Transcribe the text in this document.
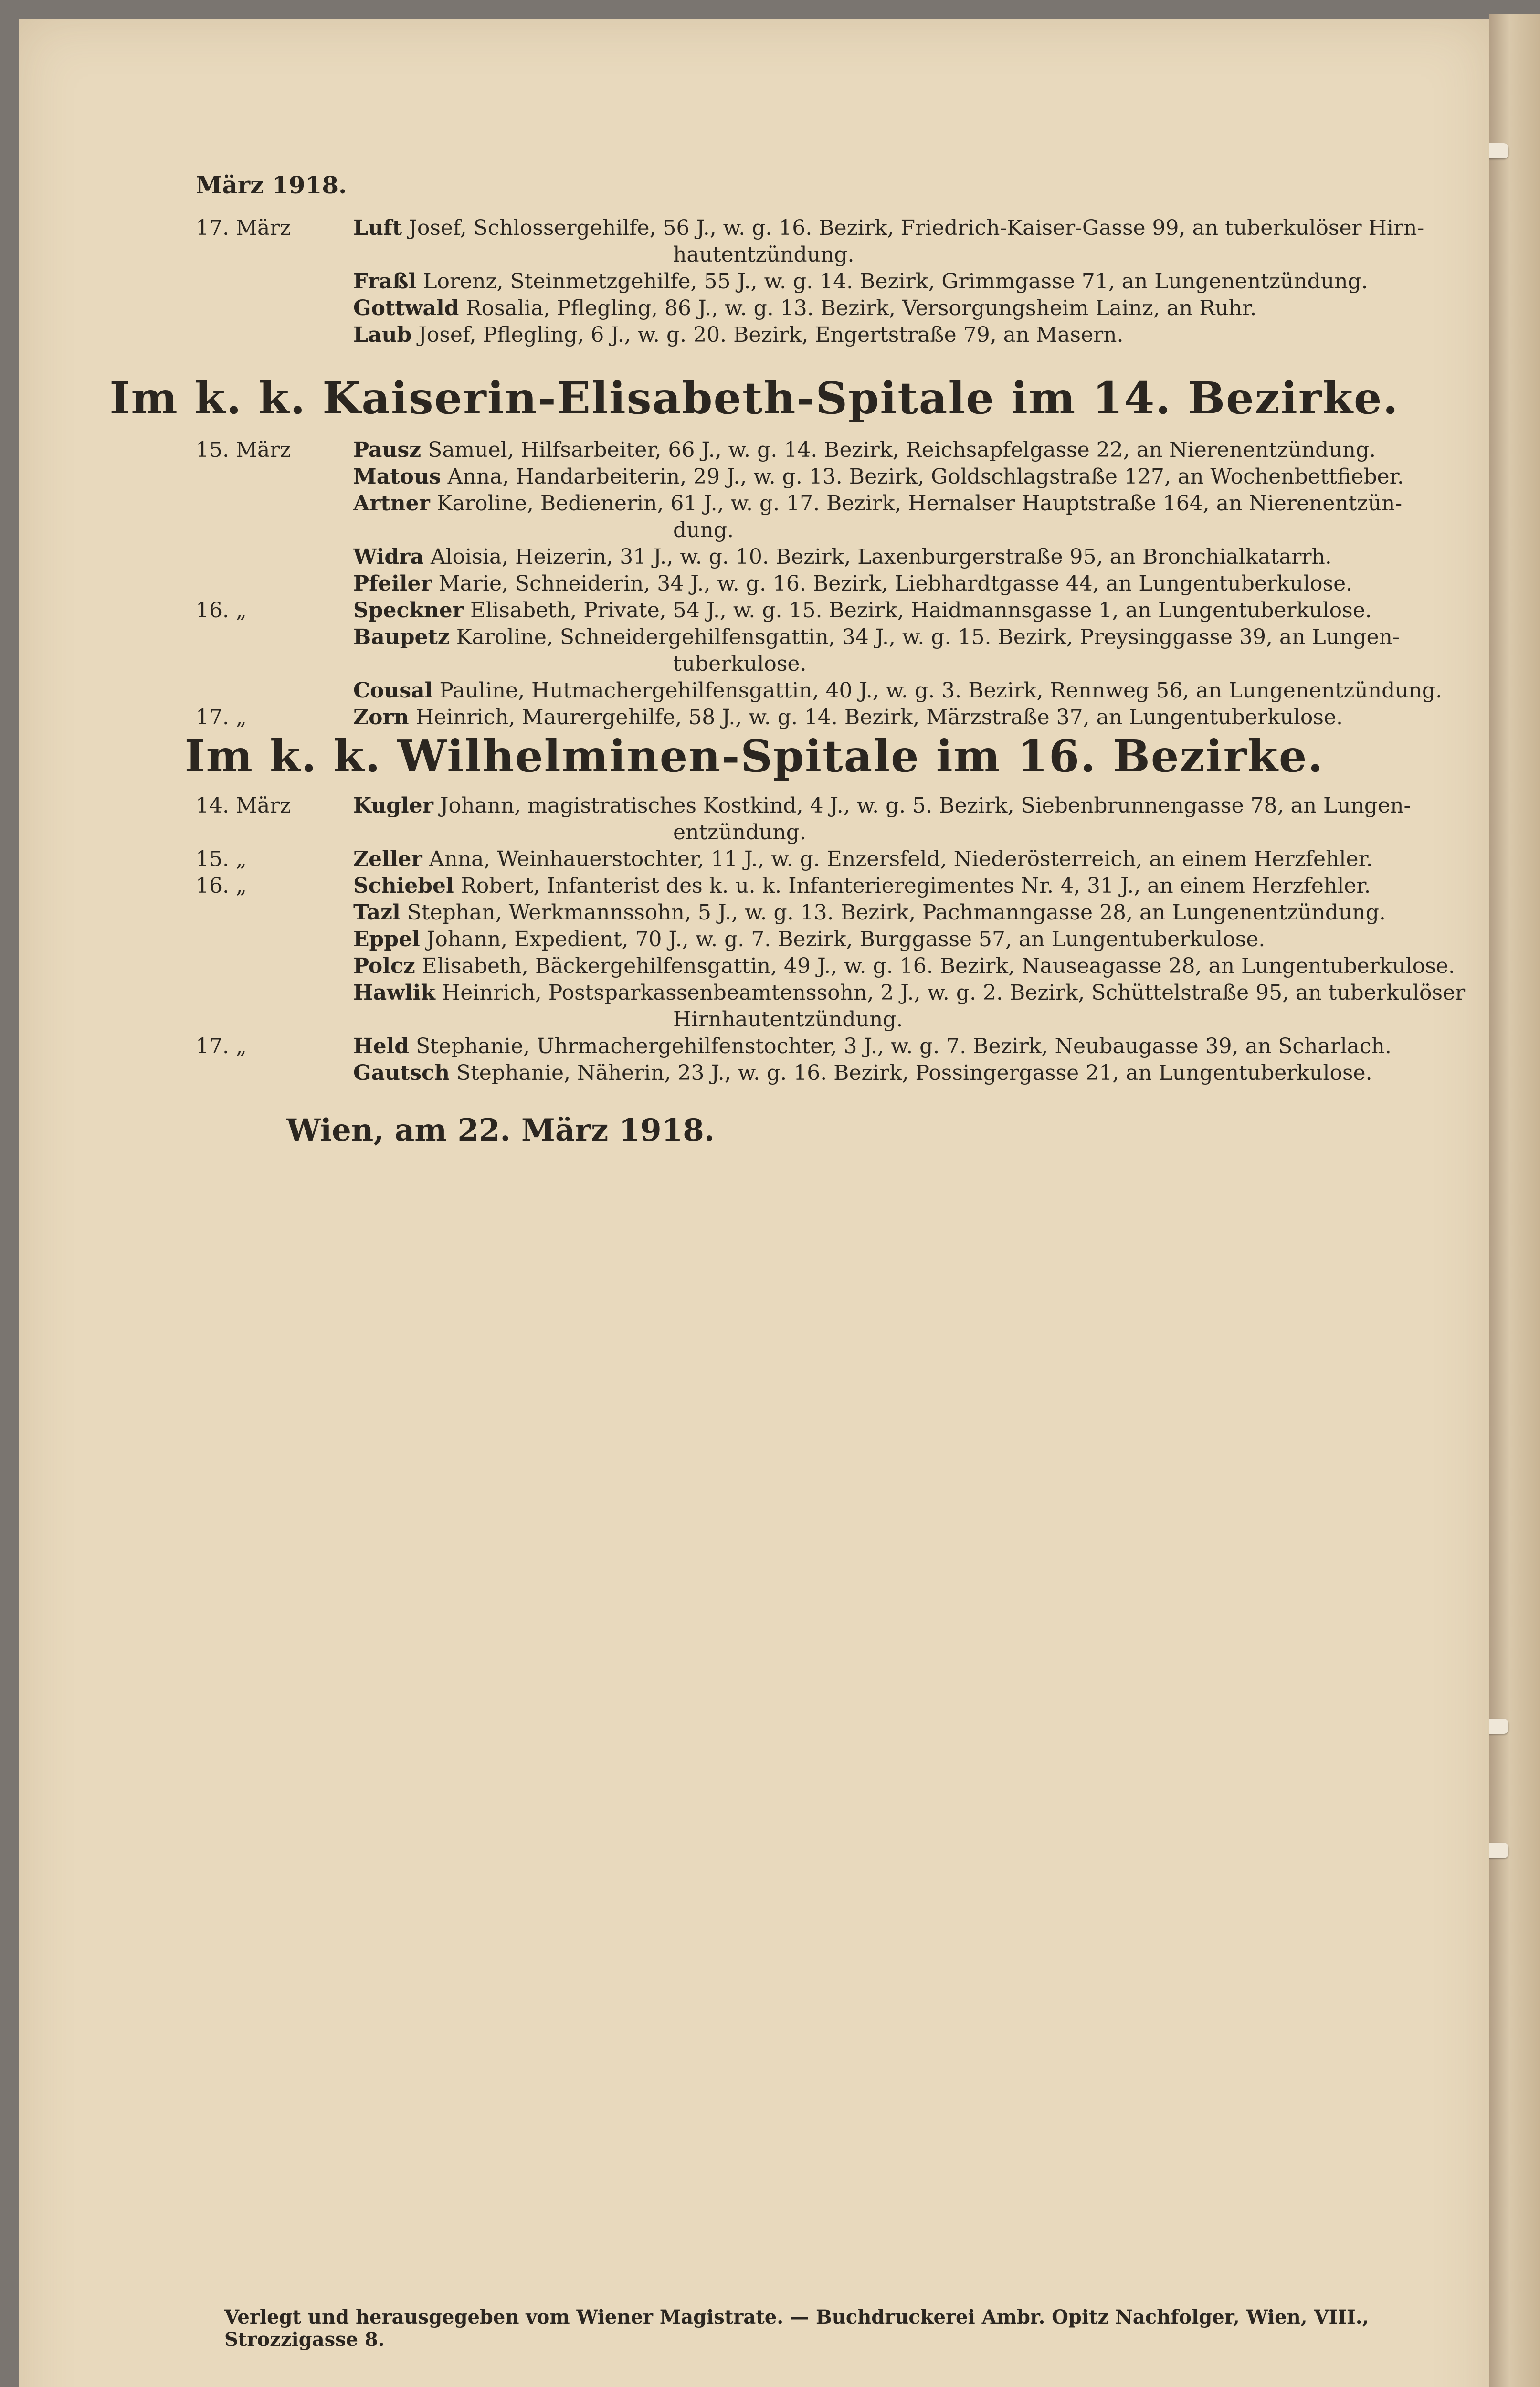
März 1918.
17. März	Luft Josef, Schlossergehilfe, 56 J., w. g. 16. Bezirk, Friedrich-Kaiser-Gasse 99, an tuberkulöser Hirn-
hautentzündung.
Fraßl Lorenz, Steinmetzgehilfe, 55 J., w. g. 14. Bezirk, Grimmgasse 71, an Lungenentzündung.
Gottwald Rosalia, Pflegling, 86 J., w. g. 13. Bezirk, Versorgungsheim Lainz, an Ruhr.
Laub Josef, Pflegling, 6 J., w. g. 20. Bezirk, Engertstraße 79, an Masern.
Im k. k. Kaiserin-Elisabeth-Spitale im 14. Bezirke.
15. März	Pausz Samuel, Hilfsarbeiter, 66 J., w. g. 14. Bezirk, Reichsapfelgasse 22, an Nierenentzündung.
Matous Anna, Handarbeiterin, 29 J., w. g. 13. Bezirk, Goldschlagstraße 127, an Wochenbettfieber.
Artner Karoline, Bedienerin, 61 J., w. g. 17. Bezirk, Hernalser Hauptstraße 164, an Nierenentzün-
dung.
Widra Aloisia, Heizerin, 31 J., w. g. 10. Bezirk, Laxenburgerstraße 95, an Bronchialkatarrh.
Pfeiler Marie, Schneiderin, 34 J., w. g. 16. Bezirk, Liebhardtgasse 44, an Lungentuberkulose.
16. „	Speckner Elisabeth, Private, 54 J., w. g. 15. Bezirk, Haidmannsgasse 1, an Lungentuberkulose.
Baupetz Karoline, Schneidergehilfensgattin, 34 J., w. g. 15. Bezirk, Preysinggasse 39, an Lungen-
tuberkulose.
Cousal Pauline, Hutmachergehilfensgattin, 40 J., w. g. 3. Bezirk, Rennweg 56, an Lungenentzündung.
17. „	Zorn Heinrich, Maurergehilfe, 58 J., w. g. 14. Bezirk, Märzstraße 37, an Lungentuberkulose.
Im k. k. Wilhelminen-Spitale im 16. Bezirke.
14. März	Kugler Johann, magistratisches Kostkind, 4 J., w. g. 5. Bezirk, Siebenbrunnengasse 78, an Lungen-
entzündung.
15. „	Zeller Anna, Weinhauerstochter, 11 J., w. g. Enzersfeld, Niederösterreich, an einem Herzfehler.
16. „	Schiebel Robert, Infanterist des k. u. k. Infanterieregimentes Nr. 4, 31 J., an einem Herzfehler.
Tazl Stephan, Werkmannssohn, 5 J., w. g. 13. Bezirk, Pachmanngasse 28, an Lungenentzündung.
Eppel Johann, Expedient, 70 J., w. g. 7. Bezirk, Burggasse 57, an Lungentuberkulose.
Polcz Elisabeth, Bäckergehilfensgattin, 49 J., w. g. 16. Bezirk, Nauseagasse 28, an Lungentuberkulose.
Hawlik Heinrich, Postsparkassenbeamtenssohn, 2 J., w. g. 2. Bezirk, Schüttelstraße 95, an tuberkulöser
Hirnhautentzündung.
17. „	Held Stephanie, Uhrmachergehilfenstochter, 3 J., w. g. 7. Bezirk, Neubaugasse 39, an Scharlach.
Gautsch Stephanie, Näherin, 23 J., w. g. 16. Bezirk, Possingergasse 21, an Lungentuberkulose.
Wien, am 22. März 1918.
Verlegt und herausgegeben vom Wiener Magistrate. — Buchdruckerei Ambr. Opitz Nachfolger, Wien, VIII., Strozzigasse 8.
